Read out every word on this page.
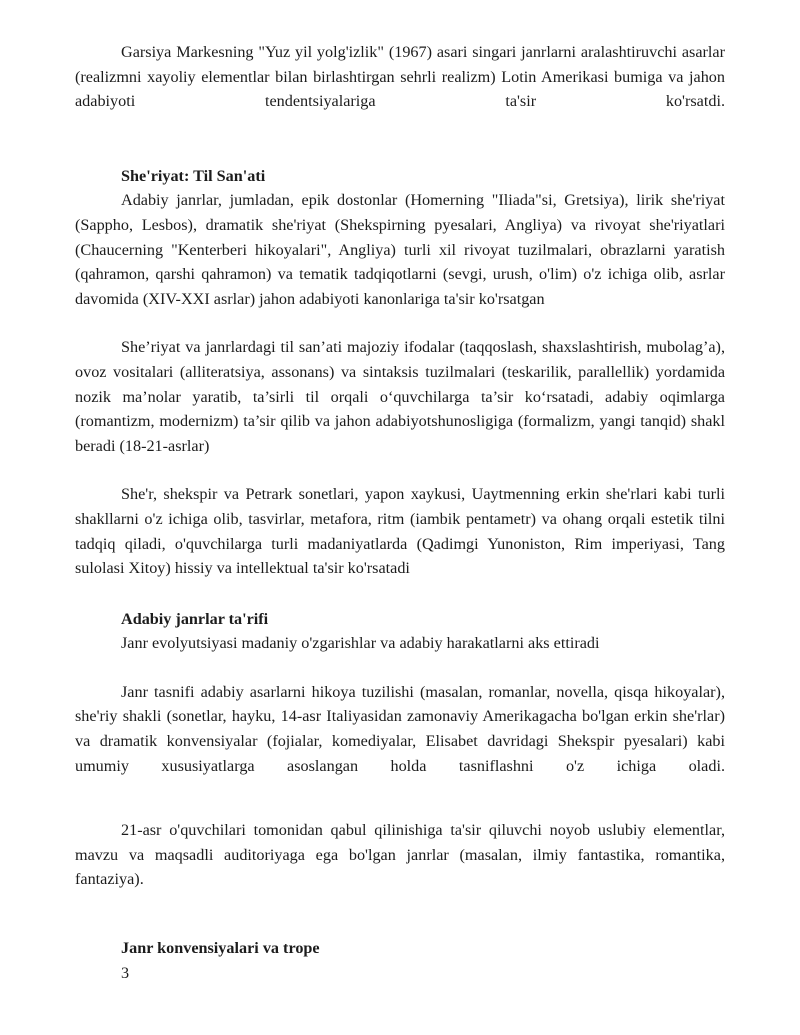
Garsiya Markesning "Yuz yil yolg'izlik" (1967) asari singari janrlarni aralashtiruvchi asarlar (realizmni xayoliy elementlar bilan birlashtirgan sehrli realizm) Lotin Amerikasi bumiga va jahon adabiyoti tendentsiyalariga ta'sir ko'rsatdi.

She'riyat: Til San'ati

Adabiy janrlar, jumladan, epik dostonlar (Homerning "Iliada"si, Gretsiya), lirik she'riyat (Sappho, Lesbos), dramatik she'riyat (Shekspirning pyesalari, Angliya) va rivoyat she'riyatlari (Chaucerning "Kenterberi hikoyalari", Angliya) turli xil rivoyat tuzilmalari, obrazlarni yaratish (qahramon, qarshi qahramon) va tematik tadqiqotlarni (sevgi, urush, o'lim) o'z ichiga olib, asrlar davomida (XIV-XXI asrlar) jahon adabiyoti kanonlariga ta'sir ko'rsatgan

She’riyat va janrlardagi til san’ati majoziy ifodalar (taqqoslash, shaxslashtirish, mubolag’a), ovoz vositalari (alliteratsiya, assonans) va sintaksis tuzilmalari (teskarilik, parallellik) yordamida nozik ma’nolar yaratib, ta’sirli til orqali o‘quvchilarga ta’sir ko‘rsatadi, adabiy oqimlarga (romantizm, modernizm) ta’sir qilib va jahon adabiyotshunosligiga (formalizm, yangi tanqid) shakl beradi (18-21-asrlar)

She'r, shekspir va Petrark sonetlari, yapon xaykusi, Uaytmenning erkin she'rlari kabi turli shakllarni o'z ichiga olib, tasvirlar, metafora, ritm (iambik pentametr) va ohang orqali estetik tilni tadqiq qiladi, o'quvchilarga turli madaniyatlarda (Qadimgi Yunoniston, Rim imperiyasi, Tang sulolasi Xitoy) hissiy va intellektual ta'sir ko'rsatadi

Adabiy janrlar ta'rifi
Janr evolyutsiyasi madaniy o'zgarishlar va adabiy harakatlarni aks ettiradi

Janr tasnifi adabiy asarlarni hikoya tuzilishi (masalan, romanlar, novella, qisqa hikoyalar), she'riy shakli (sonetlar, hayku, 14-asr Italiyasidan zamonaviy Amerikagacha bo'lgan erkin she'rlar) va dramatik konvensiyalar (fojialar, komediyalar, Elisabet davridagi Shekspir pyesalari) kabi umumiy xususiyatlarga asoslangan holda tasniflashni o'z ichiga oladi.

21-asr o'quvchilari tomonidan qabul qilinishiga ta'sir qiluvchi noyob uslubiy elementlar, mavzu va maqsadli auditoriyaga ega bo'lgan janrlar (masalan, ilmiy fantastika, romantika, fantaziya).

Janr konvensiyalari va trope
3
